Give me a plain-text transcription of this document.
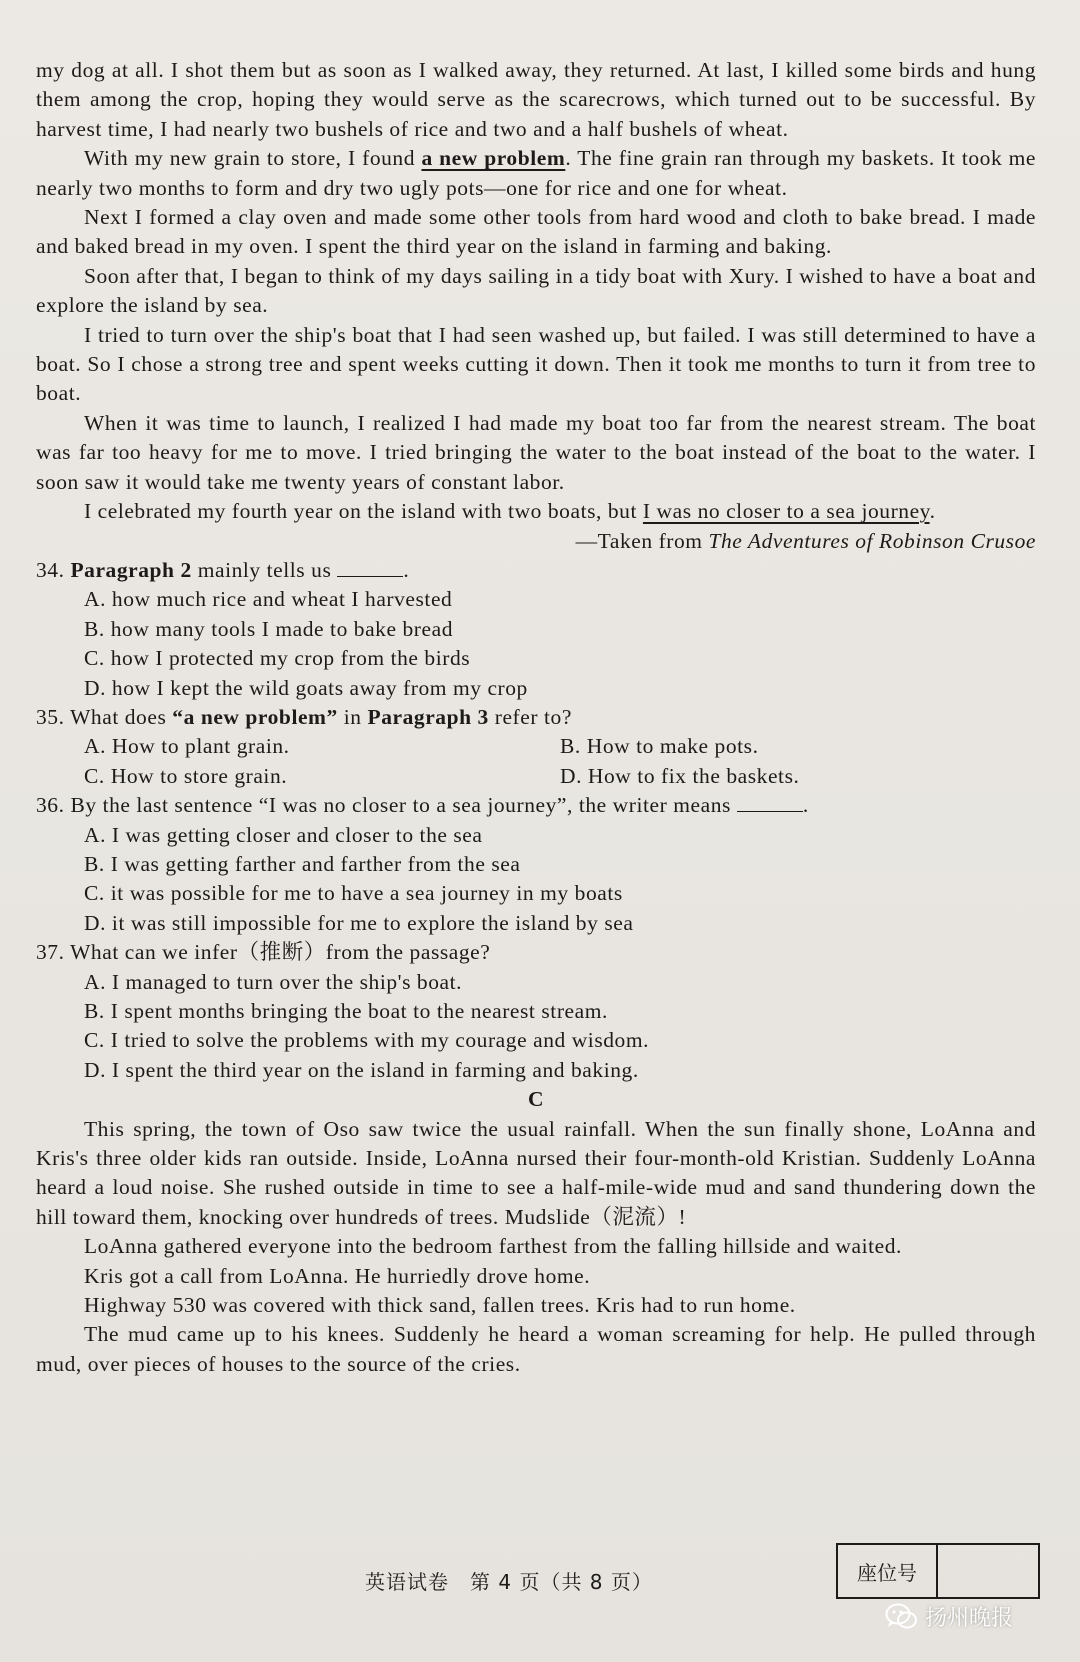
my dog at all. I shot them but as soon as I walked away, they returned. At last, I killed some birds and hung them among the crop, hoping they would serve as the scarecrows, which turned out to be successful. By harvest time, I had nearly two bushels of rice and two and a half bushels of wheat.

With my new grain to store, I found a new problem. The fine grain ran through my baskets. It took me nearly two months to form and dry two ugly pots—one for rice and one for wheat.

Next I formed a clay oven and made some other tools from hard wood and cloth to bake bread. I made and baked bread in my oven. I spent the third year on the island in farming and baking.

Soon after that, I began to think of my days sailing in a tidy boat with Xury. I wished to have a boat and explore the island by sea.

I tried to turn over the ship's boat that I had seen washed up, but failed. I was still determined to have a boat. So I chose a strong tree and spent weeks cutting it down. Then it took me months to turn it from tree to boat.

When it was time to launch, I realized I had made my boat too far from the nearest stream. The boat was far too heavy for me to move. I tried bringing the water to the boat instead of the boat to the water. I soon saw it would take me twenty years of constant labor.

I celebrated my fourth year on the island with two boats, but I was no closer to a sea journey.

—Taken from The Adventures of Robinson Crusoe

34. Paragraph 2 mainly tells us	.

A. how much rice and wheat I harvested

B. how many tools I made to bake bread

C. how I protected my crop from the birds

D. how I kept the wild goats away from my crop

35. What does “a new problem” in Paragraph 3 refer to?

A. How to plant grain.	B. How to make pots.

C. How to store grain.	D. How to fix the baskets.

36. By the last sentence “I was no closer to a sea journey”, the writer means	.

A. I was getting closer and closer to the sea

B. I was getting farther and farther from the sea

C. it was possible for me to have a sea journey in my boats

D. it was still impossible for me to explore the island by sea

37. What can we infer（推断）from the passage?

A. I managed to turn over the ship's boat.

B. I spent months bringing the boat to the nearest stream.

C. I tried to solve the problems with my courage and wisdom.

D. I spent the third year on the island in farming and baking.

C

This spring, the town of Oso saw twice the usual rainfall. When the sun finally shone, LoAnna and Kris's three older kids ran outside. Inside, LoAnna nursed their four-month-old Kristian. Suddenly LoAnna heard a loud noise. She rushed outside in time to see a half-mile-wide mud and sand thundering down the hill toward them, knocking over hundreds of trees. Mudslide（泥流）!

LoAnna gathered everyone into the bedroom farthest from the falling hillside and waited.

Kris got a call from LoAnna. He hurriedly drove home.

Highway 530 was covered with thick sand, fallen trees. Kris had to run home.

The mud came up to his knees. Suddenly he heard a woman screaming for help. He pulled through mud, over pieces of houses to the source of the cries.

英语试卷　第 4 页（共 8 页）	座位号
扬州晚报
